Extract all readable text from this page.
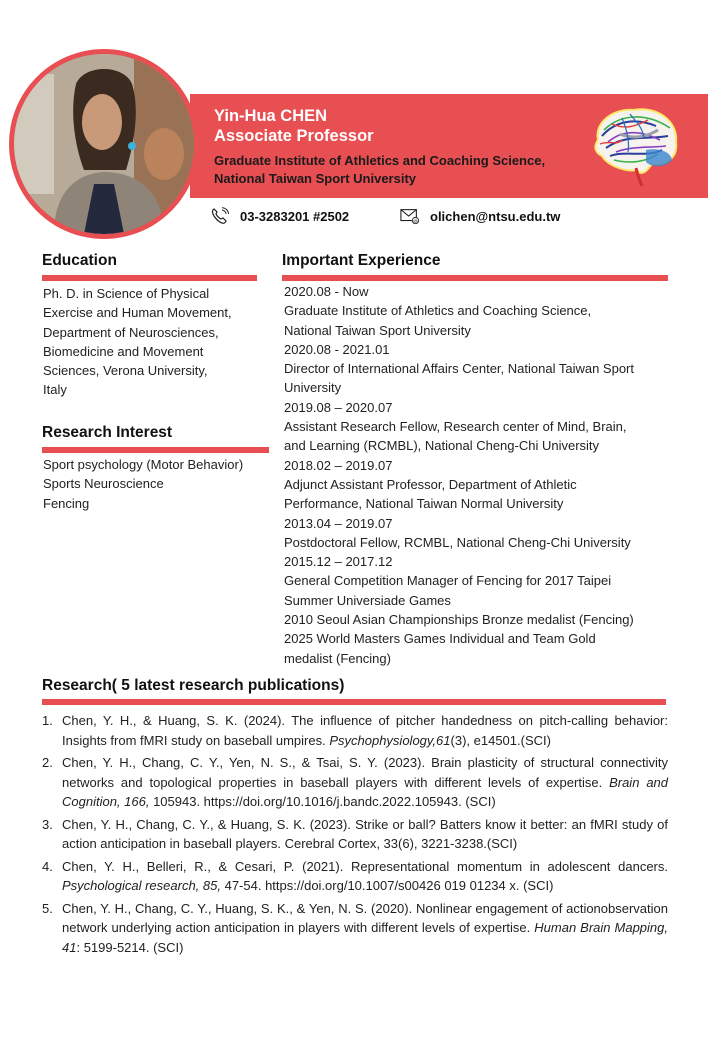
Yin-Hua CHEN
Associate Professor
Graduate Institute of Athletics and Coaching Science,
National Taiwan Sport University
03-3283201 #2502	@ olichen@ntsu.edu.tw
Education
Ph. D. in Science of Physical
Exercise and Human Movement,
Department of Neurosciences,
Biomedicine and Movement
Sciences, Verona University,
Italy
Research Interest
Sport psychology (Motor Behavior)
Sports Neuroscience
Fencing
Important Experience
2020.08 - Now
Graduate Institute of Athletics and Coaching Science,
National Taiwan Sport University
2020.08 - 2021.01
Director of International Affairs Center, National Taiwan Sport
University
2019.08 – 2020.07
Assistant Research Fellow, Research center of Mind, Brain,
and Learning (RCMBL), National Cheng-Chi University
2018.02 – 2019.07
Adjunct Assistant Professor, Department of Athletic
Performance, National Taiwan Normal University
2013.04 – 2019.07
Postdoctoral Fellow, RCMBL, National Cheng-Chi University
2015.12 – 2017.12
General Competition Manager of Fencing for 2017 Taipei
Summer Universiade Games
2010 Seoul Asian Championships Bronze medalist (Fencing)
2025 World Masters Games Individual and Team Gold
medalist (Fencing)
Research( 5 latest research publications)
1. Chen, Y. H., & Huang, S. K. (2024). The influence of pitcher handedness on pitch-calling behavior: Insights from fMRI study on baseball umpires. Psychophysiology,61(3), e14501.(SCI)
2. Chen, Y. H., Chang, C. Y., Yen, N. S., & Tsai, S. Y. (2023). Brain plasticity of structural connectivity networks and topological properties in baseball players with different levels of expertise. Brain and Cognition, 166, 105943. https://doi.org/10.1016/j.bandc.2022.105943. (SCI)
3. Chen, Y. H., Chang, C. Y., & Huang, S. K. (2023). Strike or ball? Batters know it better: an fMRI study of action anticipation in baseball players. Cerebral Cortex, 33(6), 3221-3238.(SCI)
4. Chen, Y. H., Belleri, R., & Cesari, P. (2021). Representational momentum in adolescent dancers. Psychological research, 85, 47-54. https://doi.org/10.1007/s00426 019 01234 x. (SCI)
5. Chen, Y. H., Chang, C. Y., Huang, S. K., & Yen, N. S. (2020). Nonlinear engagement of actionobservation network underlying action anticipation in players with different levels of expertise. Human Brain Mapping, 41: 5199-5214. (SCI)
